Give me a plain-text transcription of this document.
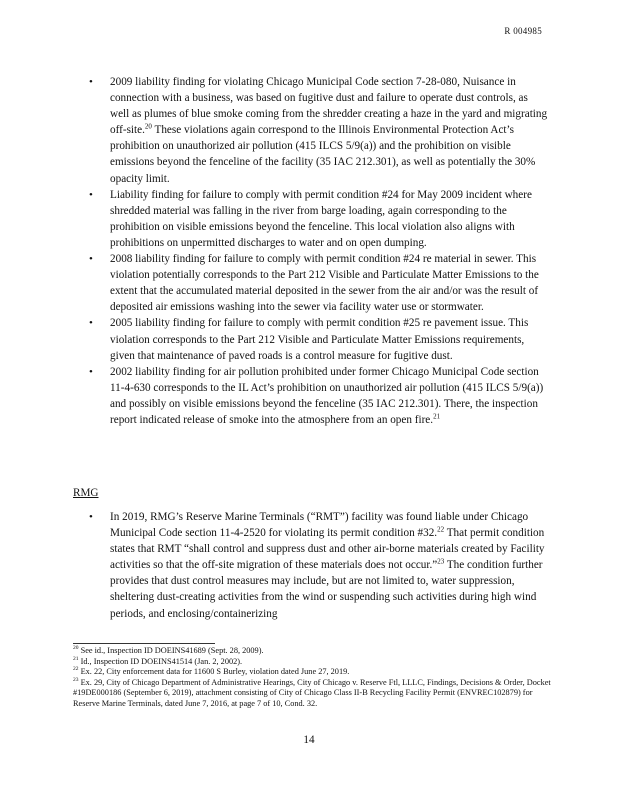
R 004985
• 2009 liability finding for violating Chicago Municipal Code section 7-28-080, Nuisance in connection with a business, was based on fugitive dust and failure to operate dust controls, as well as plumes of blue smoke coming from the shredder creating a haze in the yard and migrating off-site.$^{20}$ These violations again correspond to the Illinois Environmental Protection Act’s prohibition on unauthorized air pollution (415 ILCS 5/9(a)) and the prohibition on visible emissions beyond the fenceline of the facility (35 IAC 212.301), as well as potentially the 30% opacity limit.
• Liability finding for failure to comply with permit condition #24 for May 2009 incident where shredded material was falling in the river from barge loading, again corresponding to the prohibition on visible emissions beyond the fenceline. This local violation also aligns with prohibitions on unpermitted discharges to water and on open dumping.
• 2008 liability finding for failure to comply with permit condition #24 re material in sewer. This violation potentially corresponds to the Part 212 Visible and Particulate Matter Emissions to the extent that the accumulated material deposited in the sewer from the air and/or was the result of deposited air emissions washing into the sewer via facility water use or stormwater.
• 2005 liability finding for failure to comply with permit condition #25 re pavement issue. This violation corresponds to the Part 212 Visible and Particulate Matter Emissions requirements, given that maintenance of paved roads is a control measure for fugitive dust.
• 2002 liability finding for air pollution prohibited under former Chicago Municipal Code section 11-4-630 corresponds to the IL Act’s prohibition on unauthorized air pollution (415 ILCS 5/9(a)) and possibly on visible emissions beyond the fenceline (35 IAC 212.301). There, the inspection report indicated release of smoke into the atmosphere from an open fire.$^{21}$
RMG
• In 2019, RMG’s Reserve Marine Terminals (“RMT”) facility was found liable under Chicago Municipal Code section 11-4-2520 for violating its permit condition #32.22 That permit condition states that RMT “shall control and suppress dust and other air-borne materials created by Facility activities so that the off-site migration of these materials does not occur.”$^{23}$ The condition further provides that dust control measures may include, but are not limited to, water suppression, sheltering dust-creating activities from the wind or suspending such activities during high wind periods, and enclosing/containerizing
$^{20}$ See id., Inspection ID DOEINS41689 (Sept. 28, 2009).
$^{21}$ Id., Inspection ID DOEINS41514 (Jan. 2, 2002).
$^{22}$ Ex. 22, City enforcement data for 11600 S Burley, violation dated June 27, 2019.
$^{23}$ Ex. 29, City of Chicago Department of Administrative Hearings, City of Chicago v. Reserve Ftl, LLLC, Findings, Decisions & Order, Docket #19DE000186 (September 6, 2019), attachment consisting of City of Chicago Class II-B Recycling Facility Permit (ENVREC102879) for Reserve Marine Terminals, dated June 7, 2016, at page 7 of 10, Cond. 32.
14
